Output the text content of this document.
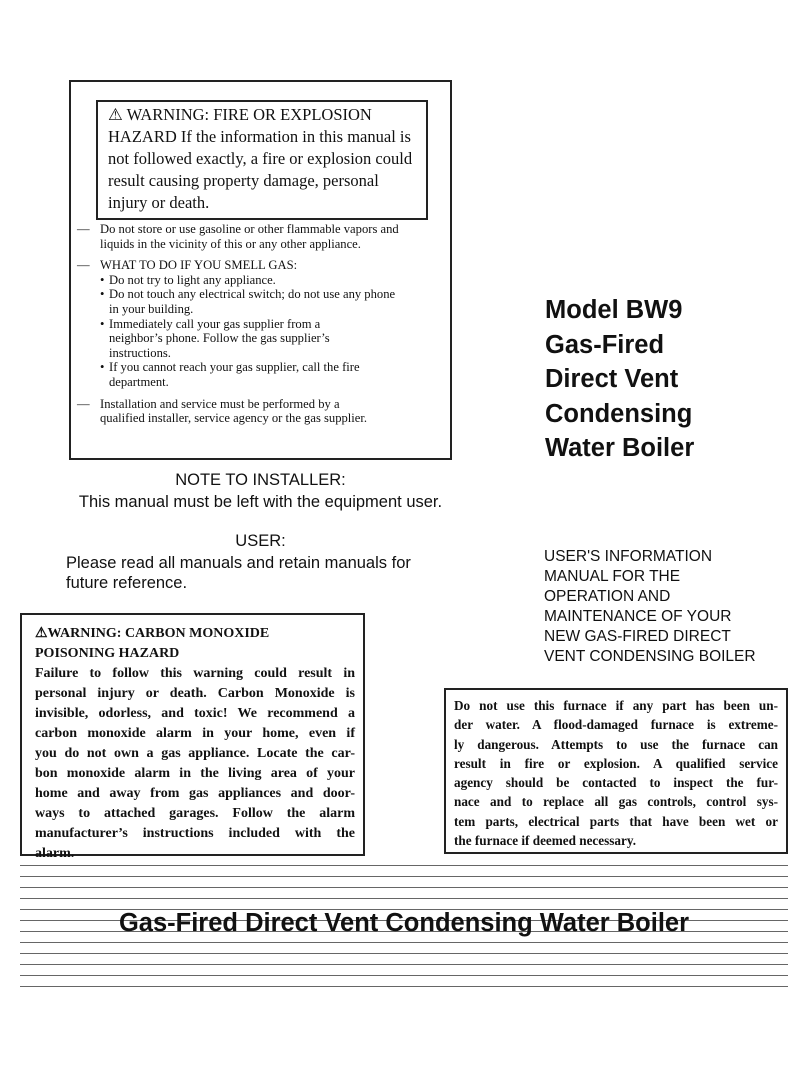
⚠ WARNING: FIRE OR EXPLOSION
HAZARD If the information in this manual is
not followed exactly, a fire or explosion could
result causing property damage, personal
injury or death.
— Do not store or use gasoline or other flammable vapors and
liquids in the vicinity of this or any other appliance.
— WHAT TO DO IF YOU SMELL GAS:
• Do not try to light any appliance.
• Do not touch any electrical switch; do not use any phone
in your building.
• Immediately call your gas supplier from a
neighbor’s phone. Follow the gas supplier’s
instructions.
• If you cannot reach your gas supplier, call the fire
department.
— Installation and service must be performed by a
qualified installer, service agency or the gas supplier.
NOTE TO INSTALLER:
This manual must be left with the equipment user.
USER:
Please read all manuals and retain manuals for
future reference.
Model BW9
Gas-Fired
Direct Vent
Condensing
Water Boiler
USER'S INFORMATION
MANUAL FOR THE
OPERATION AND
MAINTENANCE OF YOUR
NEW GAS-FIRED DIRECT
VENT CONDENSING BOILER
⚠WARNING: CARBON MONOXIDE
POISONING HAZARD
Failure to follow this warning could result in
personal injury or death. Carbon Monoxide is
invisible, odorless, and toxic! We recommend a
carbon monoxide alarm in your home, even if
you do not own a gas appliance. Locate the car-
bon monoxide alarm in the living area of your
home and away from gas appliances and door-
ways to attached garages. Follow the alarm
manufacturer’s instructions included with the
alarm.
Do not use this furnace if any part has been un-
der water. A flood-damaged furnace is extreme-
ly dangerous. Attempts to use the furnace can
result in fire or explosion. A qualified service
agency should be contacted to inspect the fur-
nace and to replace all gas controls, control sys-
tem parts, electrical parts that have been wet or
the furnace if deemed necessary.
Gas-Fired Direct Vent Condensing Water Boiler
